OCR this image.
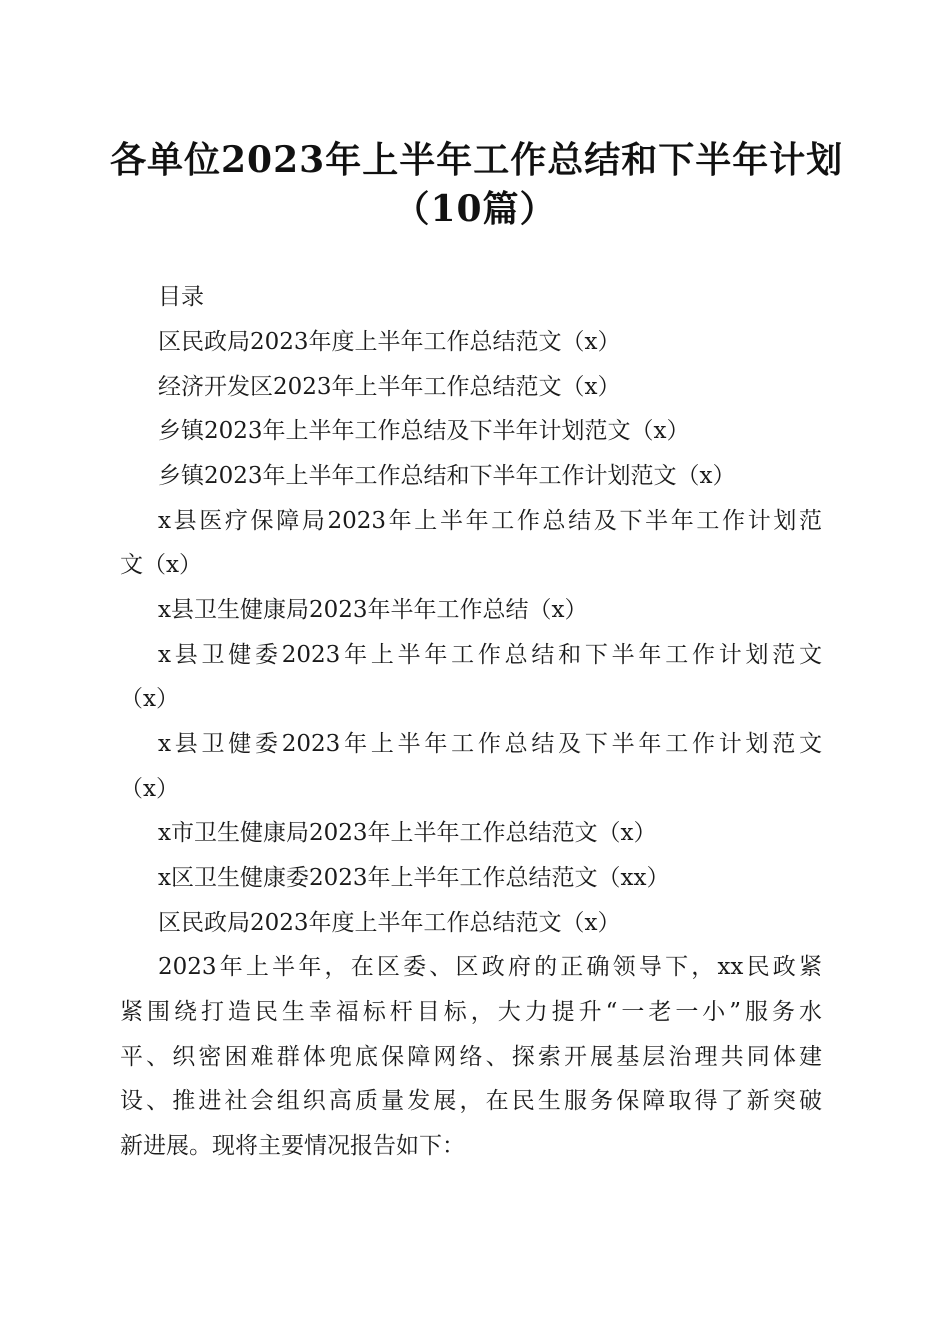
各单位2023年上半年工作总结和下半年计划
（10篇）
目录
区民政局2023年度上半年工作总结范文（x）
经济开发区2023年上半年工作总结范文（x）
乡镇2023年上半年工作总结及下半年计划范文（x）
乡镇2023年上半年工作总结和下半年工作计划范文（x）
x县医疗保障局2023年上半年工作总结及下半年工作计划范
文（x）
x县卫生健康局2023年半年工作总结（x）
x县卫健委2023年上半年工作总结和下半年工作计划范文
（x）
x县卫健委2023年上半年工作总结及下半年工作计划范文
（x）
x市卫生健康局2023年上半年工作总结范文（x）
x区卫生健康委2023年上半年工作总结范文（xx）
区民政局2023年度上半年工作总结范文（x）
2023年上半年，在区委、区政府的正确领导下，xx民政紧
紧围绕打造民生幸福标杆目标，大力提升“一老一小”服务水
平、织密困难群体兜底保障网络、探索开展基层治理共同体建
设、推进社会组织高质量发展，在民生服务保障取得了新突破
新进展。现将主要情况报告如下：
